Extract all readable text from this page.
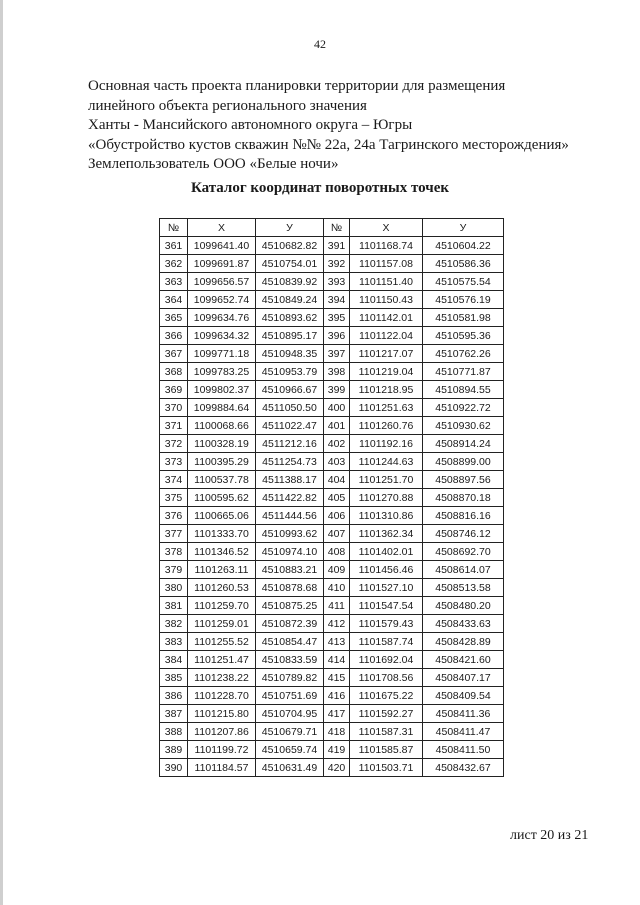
42
Основная часть проекта планировки территории для размещения
линейного объекта регионального значения
Ханты - Мансийского автономного округа – Югры
«Обустройство кустов скважин №№ 22а, 24а Тагринского месторождения»
Землепользователь ООО «Белые ночи»
Каталог координат поворотных точек
№	Х	У	№	Х	У
361	1099641.40	4510682.82	391	1101168.74	4510604.22
362	1099691.87	4510754.01	392	1101157.08	4510586.36
363	1099656.57	4510839.92	393	1101151.40	4510575.54
364	1099652.74	4510849.24	394	1101150.43	4510576.19
365	1099634.76	4510893.62	395	1101142.01	4510581.98
366	1099634.32	4510895.17	396	1101122.04	4510595.36
367	1099771.18	4510948.35	397	1101217.07	4510762.26
368	1099783.25	4510953.79	398	1101219.04	4510771.87
369	1099802.37	4510966.67	399	1101218.95	4510894.55
370	1099884.64	4511050.50	400	1101251.63	4510922.72
371	1100068.66	4511022.47	401	1101260.76	4510930.62
372	1100328.19	4511212.16	402	1101192.16	4508914.24
373	1100395.29	4511254.73	403	1101244.63	4508899.00
374	1100537.78	4511388.17	404	1101251.70	4508897.56
375	1100595.62	4511422.82	405	1101270.88	4508870.18
376	1100665.06	4511444.56	406	1101310.86	4508816.16
377	1101333.70	4510993.62	407	1101362.34	4508746.12
378	1101346.52	4510974.10	408	1101402.01	4508692.70
379	1101263.11	4510883.21	409	1101456.46	4508614.07
380	1101260.53	4510878.68	410	1101527.10	4508513.58
381	1101259.70	4510875.25	411	1101547.54	4508480.20
382	1101259.01	4510872.39	412	1101579.43	4508433.63
383	1101255.52	4510854.47	413	1101587.74	4508428.89
384	1101251.47	4510833.59	414	1101692.04	4508421.60
385	1101238.22	4510789.82	415	1101708.56	4508407.17
386	1101228.70	4510751.69	416	1101675.22	4508409.54
387	1101215.80	4510704.95	417	1101592.27	4508411.36
388	1101207.86	4510679.71	418	1101587.31	4508411.47
389	1101199.72	4510659.74	419	1101585.87	4508411.50
390	1101184.57	4510631.49	420	1101503.71	4508432.67
лист 20 из 21
